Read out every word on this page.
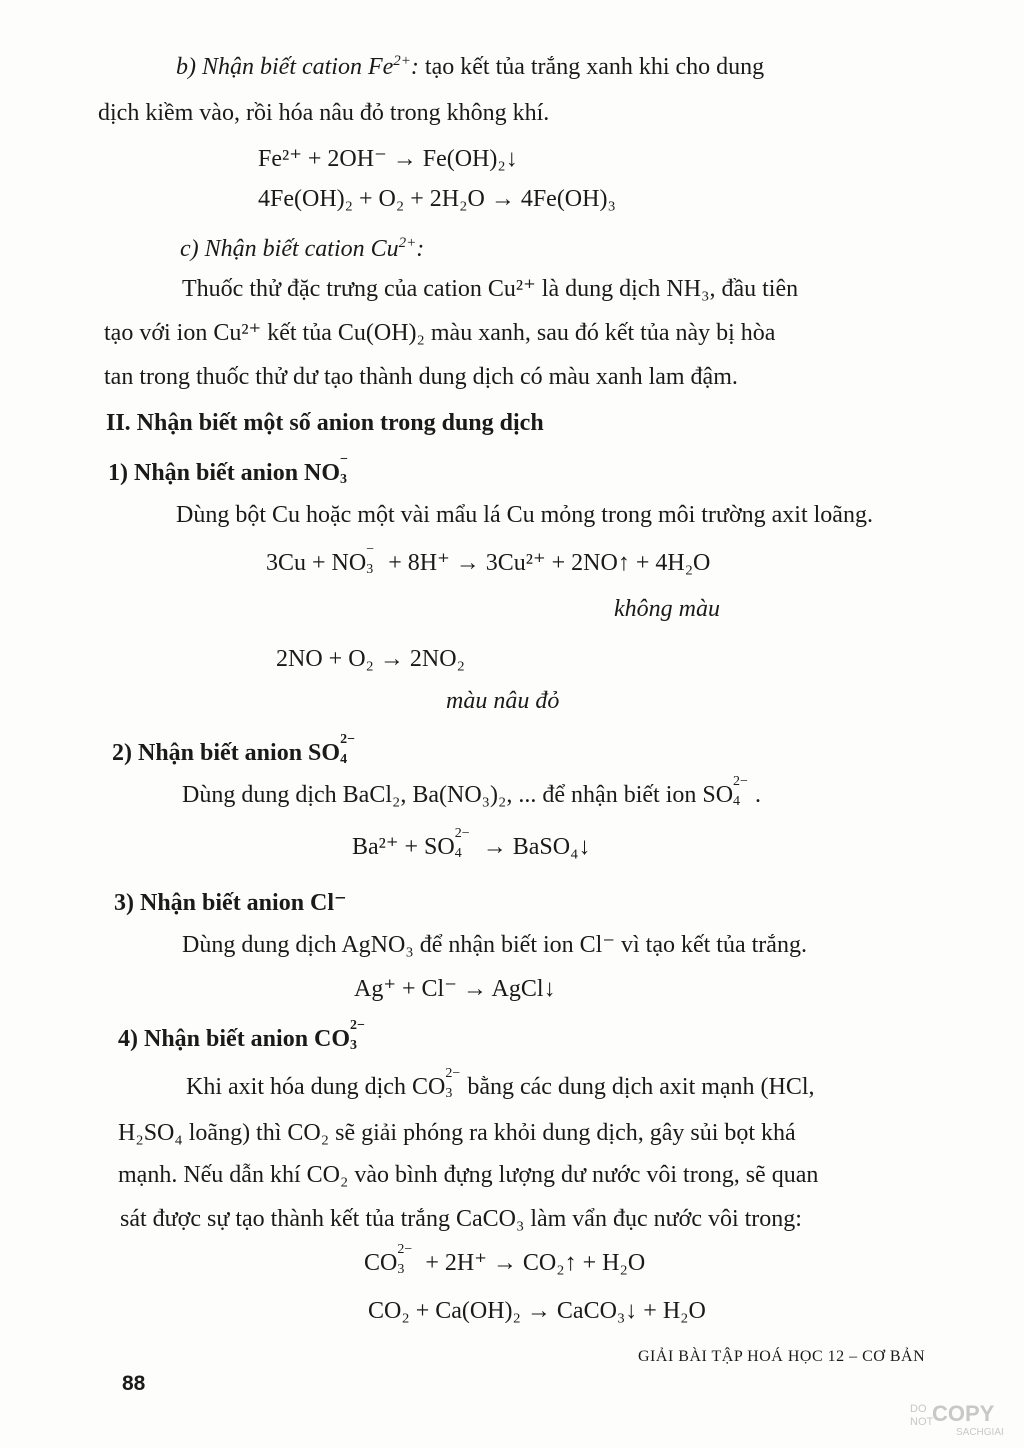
b) Nhận biết cation $Fe^{2+}$: tạo kết tủa trắng xanh khi cho dung
dịch kiềm vào, rồi hóa nâu đỏ trong không khí.
Fe²⁺ + 2OH⁻ → Fe(OH)₂↓
4Fe(OH)₂ + O₂ + 2H₂O → 4Fe(OH)₃
c) Nhận biết cation $Cu^{2+}$:
Thuốc thử đặc trưng của cation Cu²⁺ là dung dịch NH₃, đầu tiên
tạo với ion Cu²⁺ kết tủa Cu(OH)₂ màu xanh, sau đó kết tủa này bị hòa
tan trong thuốc thử dư tạo thành dung dịch có màu xanh lam đậm.
II. Nhận biết một số anion trong dung dịch
1) Nhận biết anion NO
−
3
Dùng bột Cu hoặc một vài mẩu lá Cu mỏng trong môi trường axit loãng.
3Cu + NO
−
3 + 8H⁺ → 3Cu²⁺ + 2NO↑ + 4H₂O
không màu
2NO + O₂ → 2NO₂
màu nâu đỏ
2) Nhận biết anion SO
2−
4
Dùng dung dịch BaCl₂, Ba(NO₃)₂, ... để nhận biết ion SO
2−
4 .
Ba²⁺ + SO
2−
4 → BaSO₄↓
3) Nhận biết anion Cl⁻
Dùng dung dịch AgNO₃ để nhận biết ion Cl⁻ vì tạo kết tủa trắng.
Ag⁺ + Cl⁻ → AgCl↓
4) Nhận biết anion CO
2−
3
Khi axit hóa dung dịch CO
2−
3 bằng các dung dịch axit mạnh (HCl,
H₂SO₄ loãng) thì CO₂ sẽ giải phóng ra khỏi dung dịch, gây sủi bọt khá
mạnh. Nếu dẫn khí CO₂ vào bình đựng lượng dư nước vôi trong, sẽ quan
sát được sự tạo thành kết tủa trắng CaCO₃ làm vẩn đục nước vôi trong:
CO
2−
3 + 2H⁺ → CO₂↑ + H₂O
CO₂ + Ca(OH)₂ → CaCO₃↓ + H₂O
GIẢI BÀI TẬP HOÁ HỌC 12 – CƠ BẢN
88
DO
NOT
COPY
SACHGIAI
